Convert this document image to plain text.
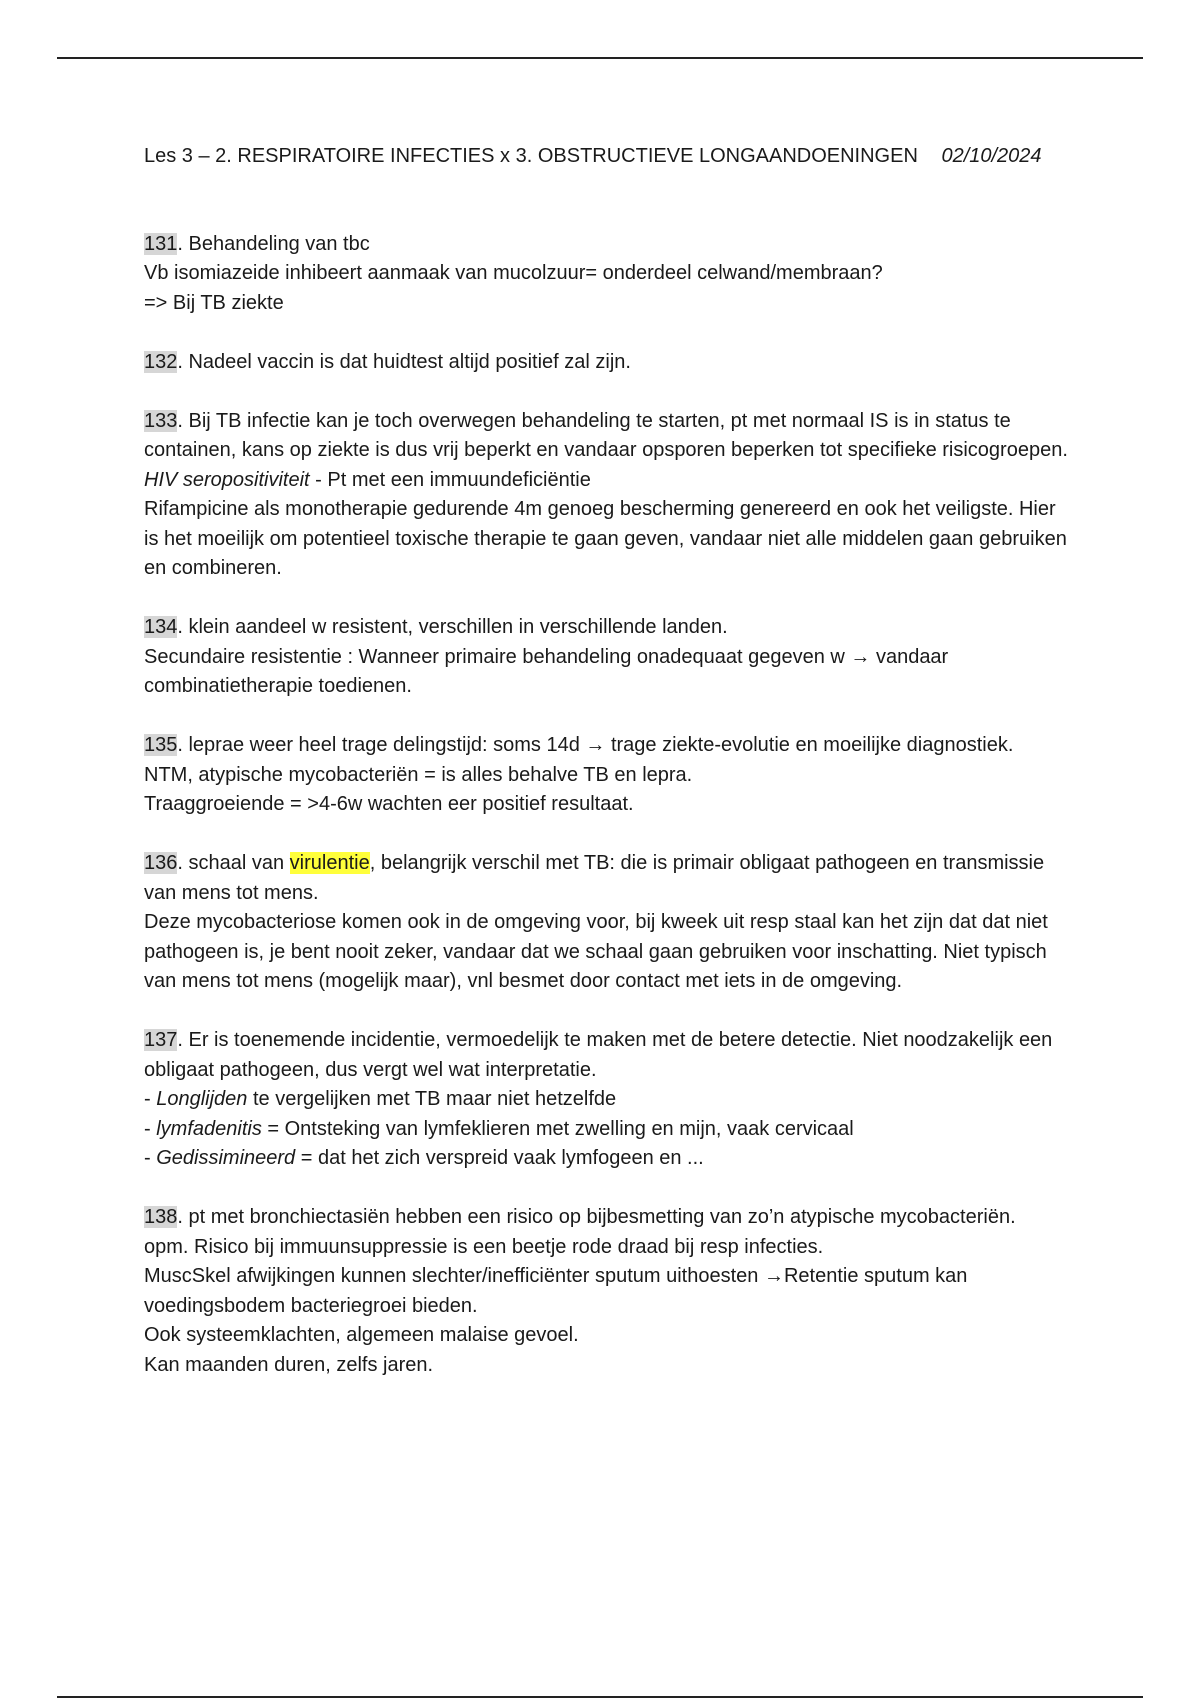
Les 3 – 2. RESPIRATOIRE INFECTIES x 3. OBSTRUCTIEVE LONGAANDOENINGEN 02/10/2024

131. Behandeling van tbc

Vb isomiazeide inhibeert aanmaak van mucolzuur= onderdeel celwand/membraan?

=> Bij TB ziekte

132. Nadeel vaccin is dat huidtest altijd positief zal zijn.

133. Bij TB infectie kan je toch overwegen behandeling te starten, pt met normaal IS is in status te containen, kans op ziekte is dus vrij beperkt en vandaar opsporen beperken tot specifieke risicogroepen.

HIV seropositiviteit - Pt met een immuundeficiëntie

Rifampicine als monotherapie gedurende 4m genoeg bescherming genereerd en ook het veiligste. Hier is het moeilijk om potentieel toxische therapie te gaan geven, vandaar niet alle middelen gaan gebruiken en combineren.

134. klein aandeel w resistent, verschillen in verschillende landen.

Secundaire resistentie : Wanneer primaire behandeling onadequaat gegeven w → vandaar combinatietherapie toedienen.

135. leprae weer heel trage delingstijd: soms 14d → trage ziekte-evolutie en moeilijke diagnostiek.

NTM, atypische mycobacteriën = is alles behalve TB en lepra.

Traaggroeiende = >4-6w wachten eer positief resultaat.

136. schaal van virulentie, belangrijk verschil met TB: die is primair obligaat pathogeen en transmissie van mens tot mens.

Deze mycobacteriose komen ook in de omgeving voor, bij kweek uit resp staal kan het zijn dat dat niet pathogeen is, je bent nooit zeker, vandaar dat we schaal gaan gebruiken voor inschatting. Niet typisch van mens tot mens (mogelijk maar), vnl besmet door contact met iets in de omgeving.

137. Er is toenemende incidentie, vermoedelijk te maken met de betere detectie. Niet noodzakelijk een obligaat pathogeen, dus vergt wel wat interpretatie.

- Longlijden te vergelijken met TB maar niet hetzelfde

- lymfadenitis = Ontsteking van lymfeklieren met zwelling en mijn, vaak cervicaal

- Gedissimineerd = dat het zich verspreid vaak lymfogeen en ...

138. pt met bronchiectasiën hebben een risico op bijbesmetting van zo’n atypische mycobacteriën.

opm. Risico bij immuunsuppressie is een beetje rode draad bij resp infecties.

MuscSkel afwijkingen kunnen slechter/inefficiënter sputum uithoesten →Retentie sputum kan voedingsbodem bacteriegroei bieden.

Ook systeemklachten, algemeen malaise gevoel.

Kan maanden duren, zelfs jaren.
